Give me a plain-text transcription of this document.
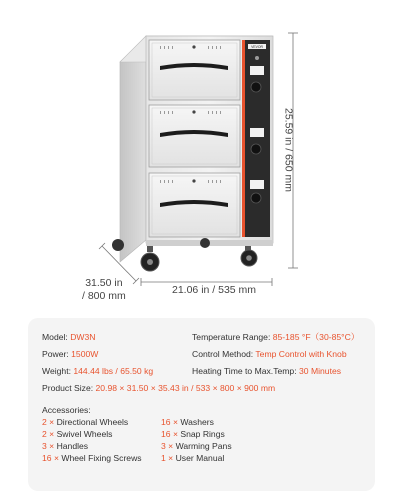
VEVOR
25.59 in / 650 mm
31.50 in
/ 800 mm	21.06 in / 535 mm
Model: DW3N
Power: 1500W
Weight: 144.44 lbs / 65.50 kg
Temperature Range: 85-185 °F（30-85°C）
Control Method: Temp Control with Knob
Heating Time to Max.Temp: 30 Minutes
Product Size: 20.98 × 31.50 × 35.43 in / 533 × 800 × 900 mm
Accessories:
2 × Directional Wheels
2 × Swivel Wheels
3 × Handles
16 × Wheel Fixing Screws
16 × Washers
16 × Snap Rings
3 × Warming Pans
1 × User Manual
